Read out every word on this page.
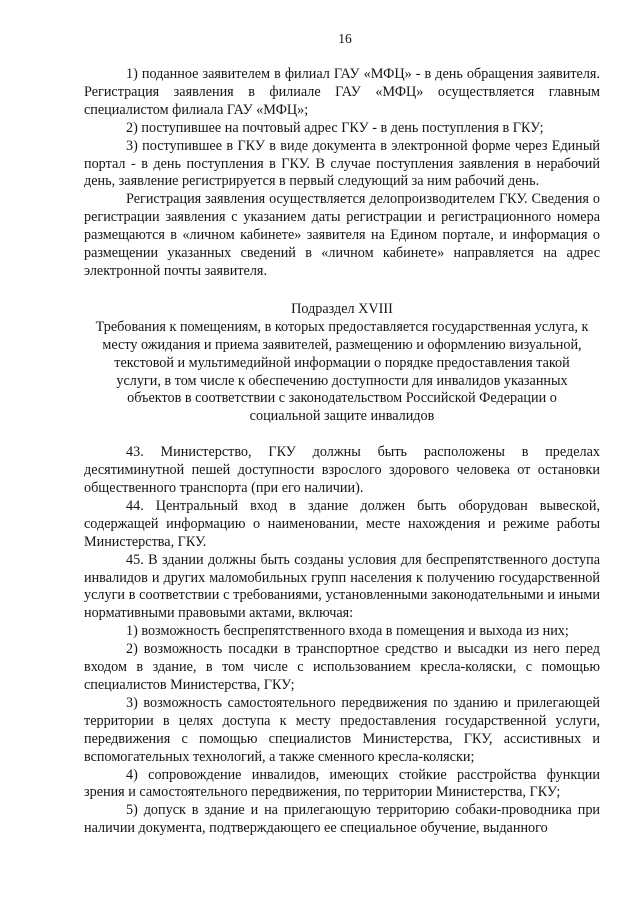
16

1) поданное заявителем в филиал ГАУ «МФЦ» - в день обращения заявителя. Регистрация заявления в филиале ГАУ «МФЦ» осуществляется главным специалистом филиала ГАУ «МФЦ»;

2) поступившее на почтовый адрес ГКУ - в день поступления в ГКУ;

3) поступившее в ГКУ в виде документа в электронной форме через Единый портал - в день поступления в ГКУ. В случае поступления заявления в нерабочий день, заявление регистрируется в первый следующий за ним рабочий день.

Регистрация заявления осуществляется делопроизводителем ГКУ. Сведения о регистрации заявления с указанием даты регистрации и регистрационного номера размещаются в «личном кабинете» заявителя на Едином портале, и информация о размещении указанных сведений в «личном кабинете» направляется на адрес электронной почты заявителя.

Подраздел XVIII

Требования к помещениям, в которых предоставляется государственная услуга, к месту ожидания и приема заявителей, размещению и оформлению визуальной, текстовой и мультимедийной информации о порядке предоставления такой услуги, в том числе к обеспечению доступности для инвалидов указанных объектов в соответствии с законодательством Российской Федерации о социальной защите инвалидов

43. Министерство, ГКУ должны быть расположены в пределах десятиминутной пешей доступности взрослого здорового человека от остановки общественного транспорта (при его наличии).

44. Центральный вход в здание должен быть оборудован вывеской, содержащей информацию о наименовании, месте нахождения и режиме работы Министерства, ГКУ.

45. В здании должны быть созданы условия для беспрепятственного доступа инвалидов и других маломобильных групп населения к получению государственной услуги в соответствии с требованиями, установленными законодательными и иными нормативными правовыми актами, включая:

1) возможность беспрепятственного входа в помещения и выхода из них;

2) возможность посадки в транспортное средство и высадки из него перед входом в здание, в том числе с использованием кресла-коляски, с помощью специалистов Министерства, ГКУ;

3) возможность самостоятельного передвижения по зданию и прилегающей территории в целях доступа к месту предоставления государственной услуги, передвижения с помощью специалистов Министерства, ГКУ, ассистивных и вспомогательных технологий, а также сменного кресла-коляски;

4) сопровождение инвалидов, имеющих стойкие расстройства функции зрения и самостоятельного передвижения, по территории Министерства, ГКУ;

5) допуск в здание и на прилегающую территорию собаки-проводника при наличии документа, подтверждающего ее специальное обучение, выданного
